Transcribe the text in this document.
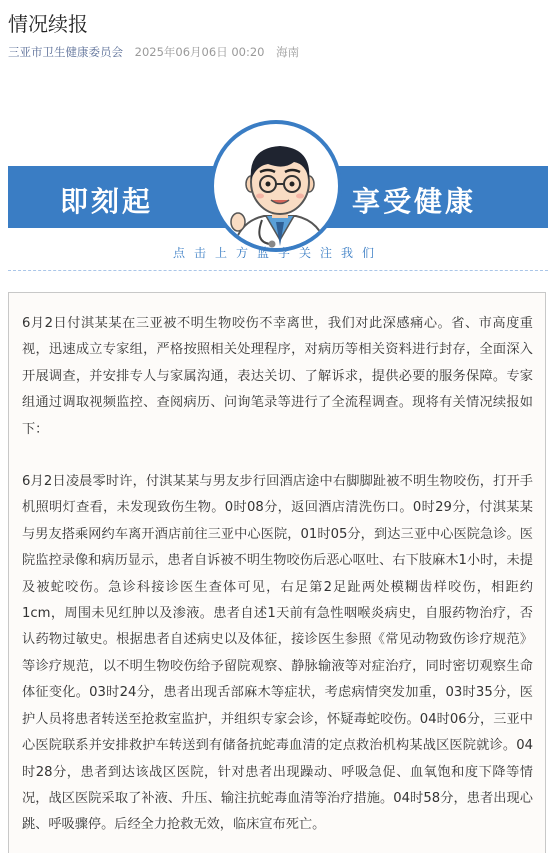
情况续报
三亚市卫生健康委员会 2025年06月06日 00:20 海南
即刻起	享受健康
点击上方蓝字关注我们

6月2日付淇某某在三亚被不明生物咬伤不幸离世，我们对此深感痛心。省、市高度重视，迅速成立专家组，严格按照相关处理程序，对病历等相关资料进行封存，全面深入开展调查，并安排专人与家属沟通，表达关切、了解诉求，提供必要的服务保障。专家组通过调取视频监控、查阅病历、问询笔录等进行了全流程调查。现将有关情况续报如下：

6月2日凌晨零时许，付淇某某与男友步行回酒店途中右脚脚趾被不明生物咬伤，打开手机照明灯查看，未发现致伤生物。0时08分，返回酒店清洗伤口。0时29分，付淇某某与男友搭乘网约车离开酒店前往三亚中心医院，01时05分，到达三亚中心医院急诊。医院监控录像和病历显示，患者自诉被不明生物咬伤后恶心呕吐、右下肢麻木1小时，未提及被蛇咬伤。急诊科接诊医生查体可见，右足第2足趾两处模糊齿样咬伤，相距约1cm，周围未见红肿以及渗液。患者自述1天前有急性咽喉炎病史，自服药物治疗，否认药物过敏史。根据患者自述病史以及体征，接诊医生参照《常见动物致伤诊疗规范》等诊疗规范，以不明生物咬伤给予留院观察、静脉输液等对症治疗，同时密切观察生命体征变化。03时24分，患者出现舌部麻木等症状，考虑病情突发加重，03时35分，医护人员将患者转送至抢救室监护，并组织专家会诊，怀疑毒蛇咬伤。04时06分，三亚中心医院联系并安排救护车转送到有储备抗蛇毒血清的定点救治机构某战区医院就诊。04时28分，患者到达该战区医院，针对患者出现躁动、呼吸急促、血氧饱和度下降等情况，战区医院采取了补液、升压、输注抗蛇毒血清等治疗措施。04时58分，患者出现心跳、呼吸骤停。后经全力抢救无效，临床宣布死亡。
